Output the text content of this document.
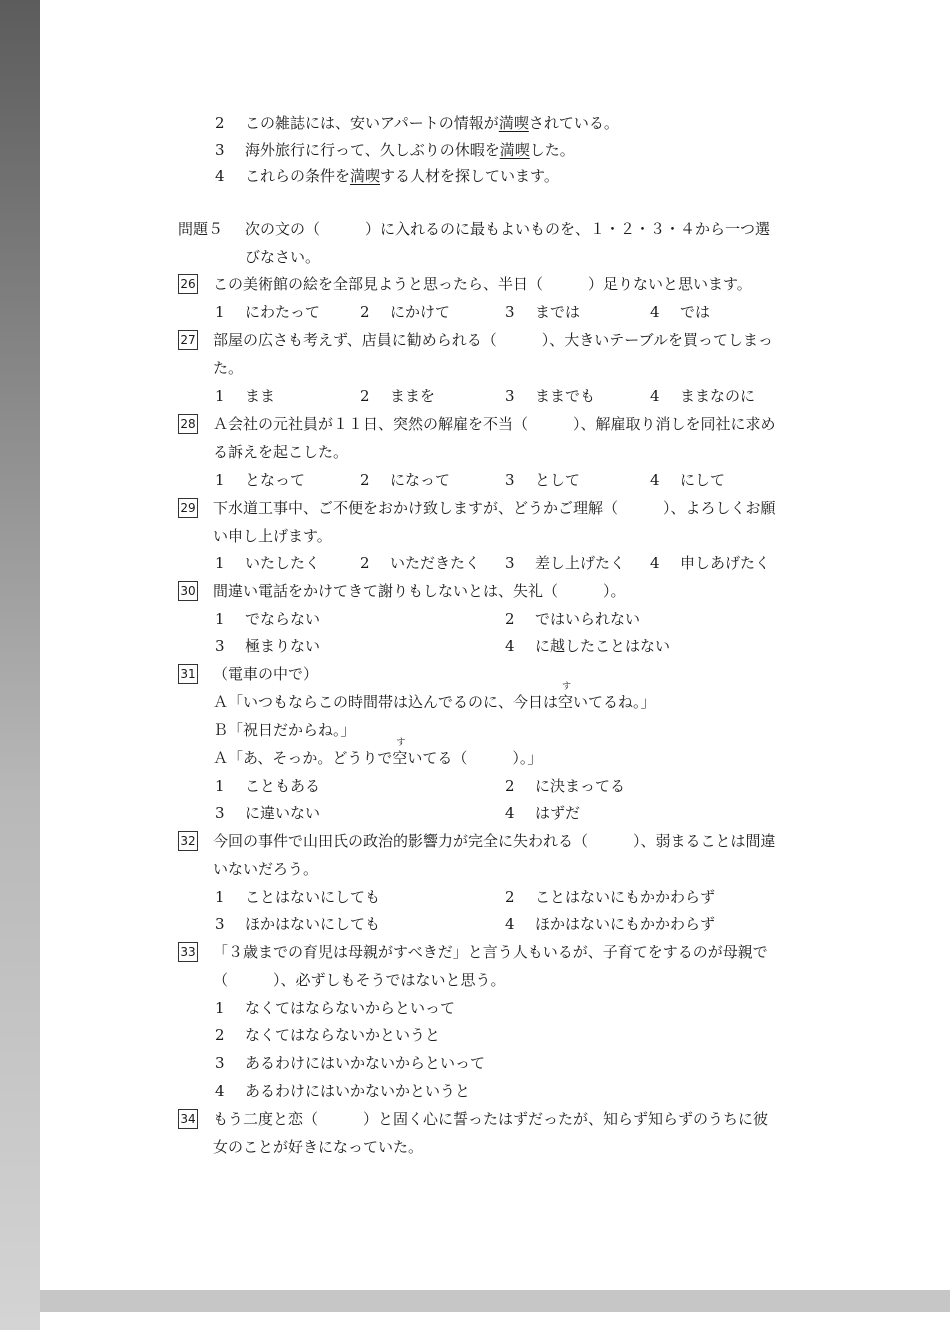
2 この雑誌には、安いアパートの情報が満喫されている。
3 海外旅行に行って、久しぶりの休暇を満喫した。
4 これらの条件を満喫する人材を探しています。
問題５ 次の文の（　　　）に入れるのに最もよいものを、１・２・３・４から一つ選
びなさい。
26 この美術館の絵を全部見ようと思ったら、半日（　　　）足りないと思います。
1 にわたって	2 にかけて	3 までは	4 では
27 部屋の広さも考えず、店員に勧められる（　　　）、大きいテーブルを買ってしまっ
た。
1 まま	2 ままを	3 ままでも	4 ままなのに
28 Ａ会社の元社員が１１日、突然の解雇を不当（　　　）、解雇取り消しを同社に求め
る訴えを起こした。
1 となって	2 になって	3 として	4 にして
29 下水道工事中、ご不便をおかけ致しますが、どうかご理解（　　　）、よろしくお願
い申し上げます。
1 いたしたく	2 いただきたく 3 差し上げたく 4 申しあげたく
30 間違い電話をかけてきて謝りもしないとは、失礼（　　　）。
1 でならない	2 ではいられない
3 極まりない	4 に越したことはない
31 （電車の中で）
Ａ「いつもならこの時間帯は込んでるのに、今日は
す
空いてるね。」
Ｂ「祝日だからね。」
Ａ「あ、そっか。どうりで
す
空いてる（　　　）。」
1 こともある	2 に決まってる
3 に違いない	4 はずだ
32 今回の事件で山田氏の政治的影響力が完全に失われる（　　　）、弱まることは間違
いないだろう。
1 ことはないにしても	2 ことはないにもかかわらず
3 ほかはないにしても	4 ほかはないにもかかわらず
33 「３歳までの育児は母親がすべきだ」と言う人もいるが、子育てをするのが母親で
（　　　）、必ずしもそうではないと思う。
1 なくてはならないからといって
2 なくてはならないかというと
3 あるわけにはいかないからといって
4 あるわけにはいかないかというと
34 もう二度と恋（　　　）と固く心に誓ったはずだったが、知らず知らずのうちに彼
女のことが好きになっていた。
